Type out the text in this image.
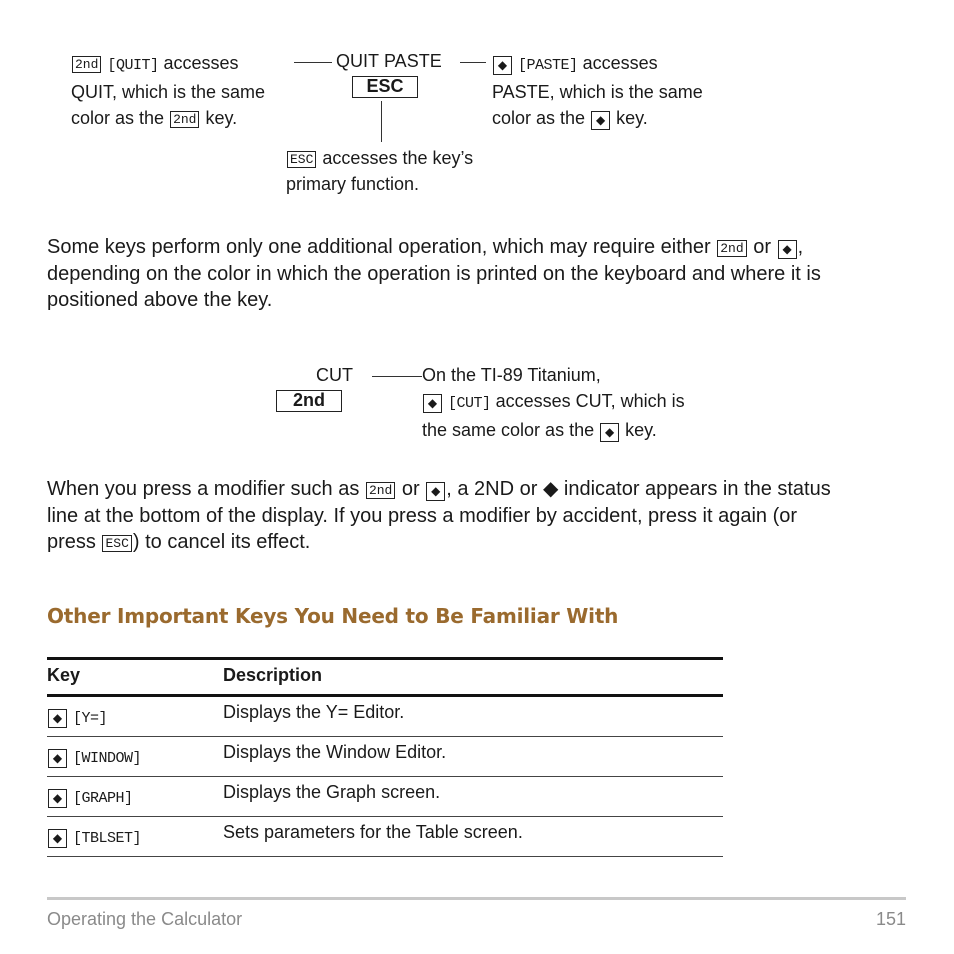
2nd [QUIT] accesses
QUIT, which is the same
color as the 2nd key.
QUIT PASTE
ESC
◆ [PASTE] accesses
PASTE, which is the same
color as the ◆ key.
ESC accesses the key’s
primary function.
Some keys perform only one additional operation, which may require either 2nd or ◆ ,
depending on the color in which the operation is printed on the keyboard and where it is
positioned above the key.
CUT
2nd
On the TI-89 Titanium,
◆ [CUT] accesses CUT, which is
the same color as the ◆ key.
When you press a modifier such as 2nd or ◆ , a 2ND or ◆ indicator appears in the status
line at the bottom of the display. If you press a modifier by accident, press it again (or
press ESC ) to cancel its effect.
Other Important Keys You Need to Be Familiar With
Key	Description
◆ [Y=]	Displays the Y= Editor.
◆ [WINDOW]	Displays the Window Editor.
◆ [GRAPH]	Displays the Graph screen.
◆ [TBLSET]	Sets parameters for the Table screen.
Operating the Calculator	151
